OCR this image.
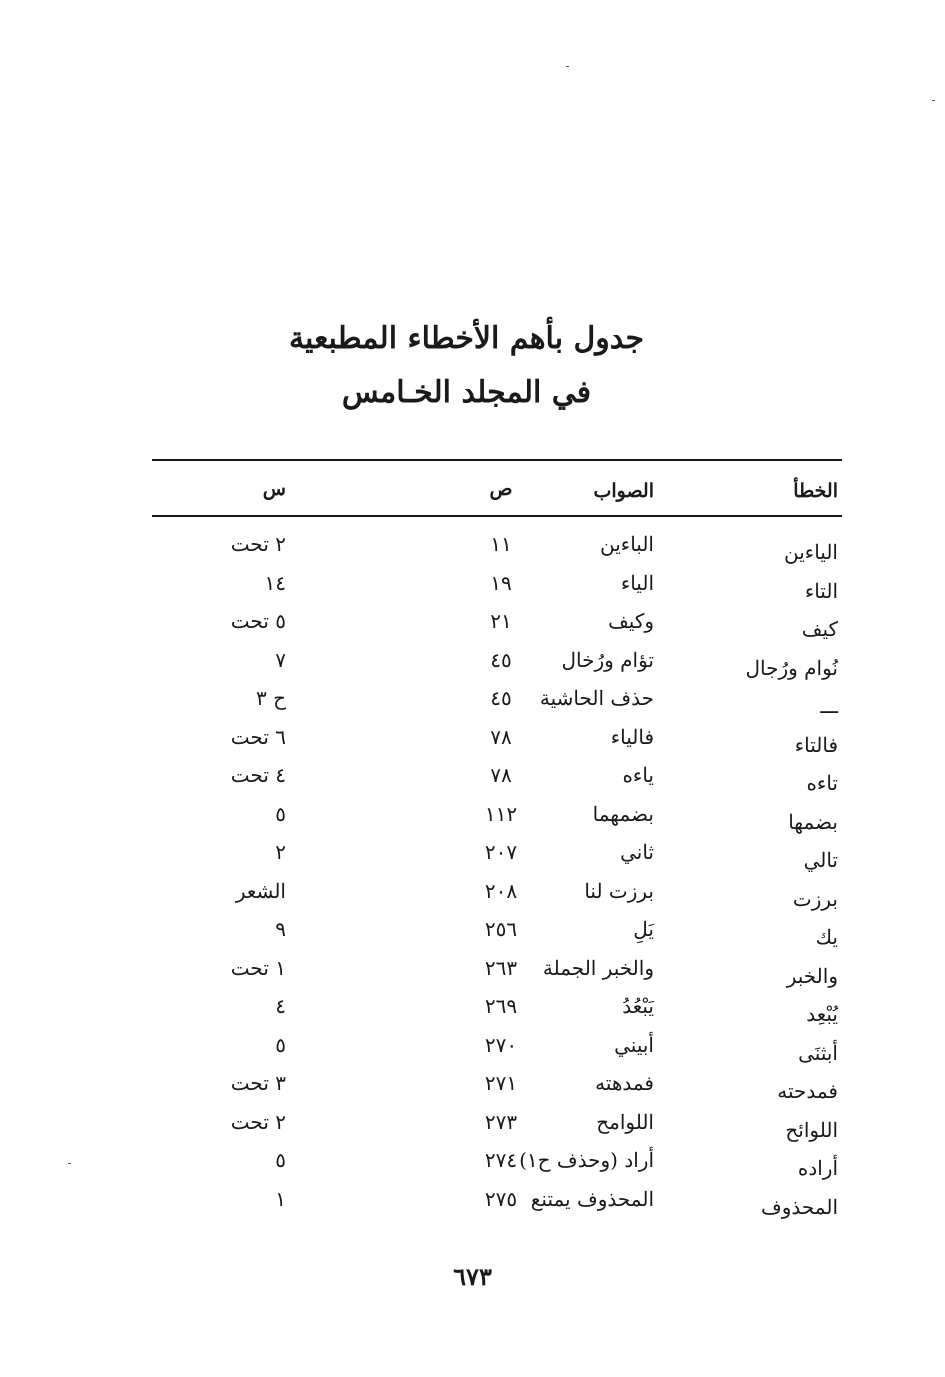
جدول بأهم الأخطاء المطبعية
في المجلد الخـامس
الخطأ
الصواب
ص
س
الياءين
الباءين
١١
٢ تحت
التاء
الياء
١٩
١٤
كيف
وكيف
٢١
٥ تحت
نُوام ورُجال
تؤام ورُخال
٤٥
٧
ـــ
حذف الحاشية
٤٥
ح ٣
فالتاء
فالياء
٧٨
٦ تحت
تاءه
ياءه
٧٨
٤ تحت
بضمها
بضمهما
١١٢
٥
تالي
ثاني
٢٠٧
٢
برزت
برزت لنا
٢٠٨
الشعر
يك
يَلِ
٢٥٦
٩
والخبر
والخبر الجملة
٢٦٣
١ تحت
يُبْعِد
يَبْعُدُ
٢٦٩
٤
أبثنَى
أبيني
٢٧٠
٥
فمدحته
فمدهته
٢٧١
٣ تحت
اللوائح
اللوامح
٢٧٣
٢ تحت
أراده
أراد (وحذف ح١)
٢٧٤
٥
المحذوف
المحذوف يمتنع
٢٧٥
١
٦٧٣
